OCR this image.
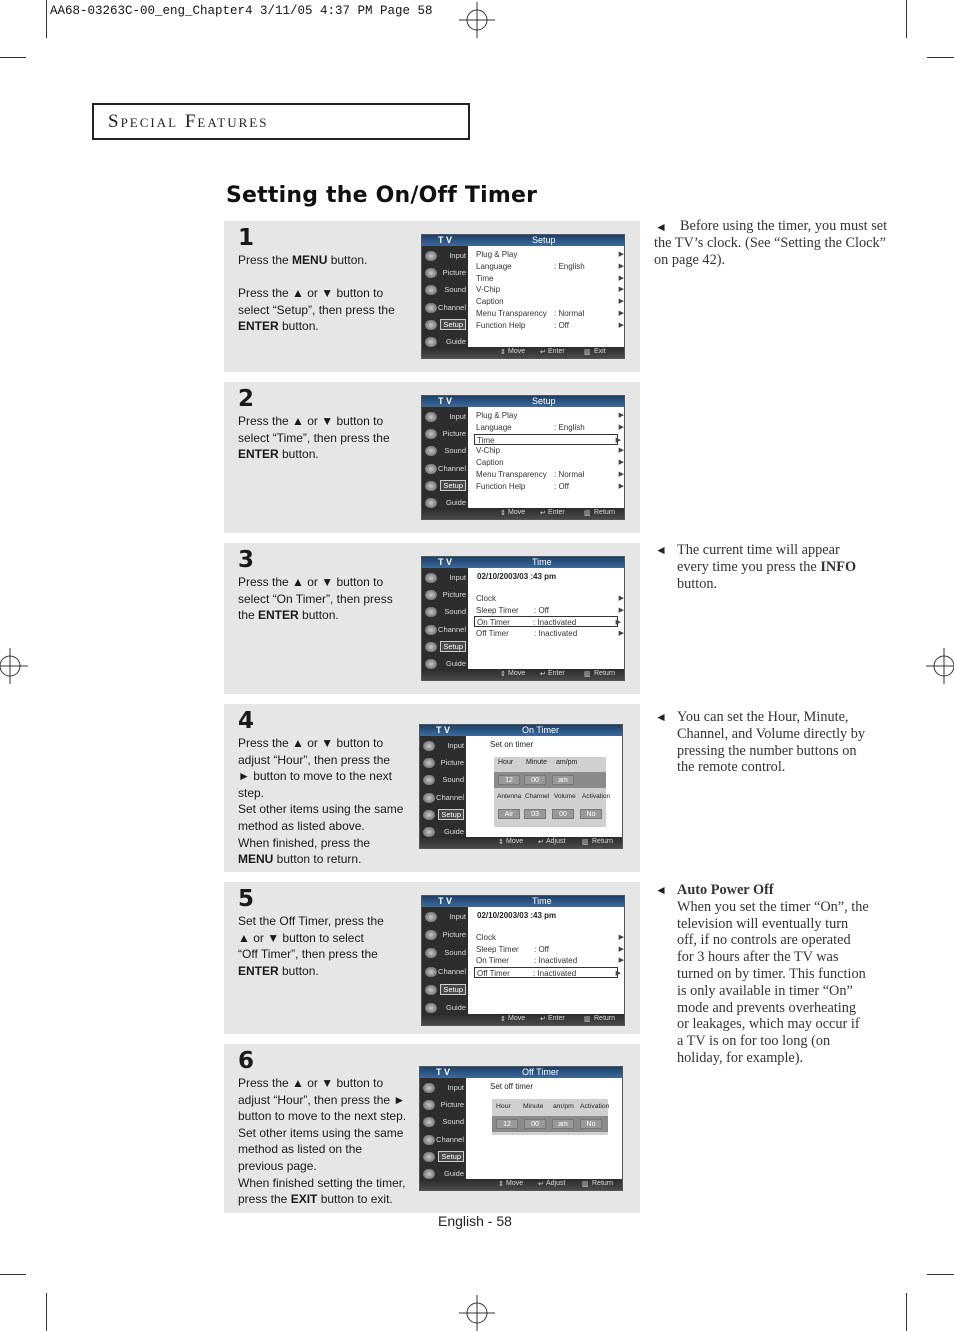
AA68-03263C-00_eng_Chapter4 3/11/05 4:37 PM Page 58
Special Features
Setting the On/Off Timer
1
Press the MENU button.
Press the ▲ or ▼ button to
select “Setup”, then press the
ENTER button.
T V	Setup
Input
Picture
Sound
Channel
Setup
Guide
⇕ Move ↵ Enter	▥ Exit
Plug & Play	▶
Language	: English	▶
Time	▶
V-Chip	▶
Caption	▶
Menu Transparency : Normal	▶
Function Help	: Off	▶
2
Press the ▲ or ▼ button to
select “Time”, then press the
ENTER button.
T V	Setup
Input
Picture
Sound
Channel
Setup
Guide
⇕ Move ↵ Enter	▥ Return
Plug & Play	▶
Language	: English	▶
Time	▶
V-Chip	▶
Caption	▶
Menu Transparency : Normal	▶
Function Help	: Off	▶
3
Press the ▲ or ▼ button to
select “On Timer”, then press
the ENTER button.
T V	Time
Input
Picture
Sound
Channel
Setup
Guide
⇕ Move ↵ Enter	▥ Return
02/10/2003/03 :43 pm
Clock	▶
Sleep Timer : Off	▶
On Timer	: Inactivated	▶
Off Timer	: Inactivated	▶
4
Press the ▲ or ▼ button to
adjust “Hour”, then press the
► button to move to the next
step.
Set other items using the same
method as listed above.
When finished, press the
MENU button to return.
T V	On Timer
Input
Picture
Sound
Channel
Setup
Guide
⇕ Move ↵ Adjust ▥ Return
Set on timer
Hour Minute am/pm
12	00	am
Antenna Channel Volume Activation
Air	03	00	No
5
Set the Off Timer, press the
▲ or ▼ button to select
“Off Timer”, then press the
ENTER button.
T V	Time
Input
Picture
Sound
Channel
Setup
Guide
⇕ Move ↵ Enter	▥ Return
02/10/2003/03 :43 pm
Clock	▶
Sleep Timer : Off	▶
On Timer	: Inactivated	▶
Off Timer	: Inactivated	▶
6
Press the ▲ or ▼ button to
adjust “Hour”, then press the ►
button to move to the next step.
Set other items using the same
method as listed on the
previous page.
When finished setting the timer,
press the EXIT button to exit.
T V	Off Timer
Input
Picture
Sound
Channel
Setup
Guide
⇕ Move ↵ Adjust ▥ Return
Set off timer
Hour Minute am/pm Activation
12	00	am	No
◄ Before using the timer, you must set the TV’s clock. (See “Setting the Clock” on page 42).
◄ The current time will appear every time you press the INFO button.
◄ You can set the Hour, Minute, Channel, and Volume directly by pressing the number buttons on the remote control.
◄ Auto Power Off
When you set the timer “On”, the television will eventually turn off, if no controls are operated for 3 hours after the TV was turned on by timer. This function is only available in timer “On” mode and prevents overheating or leakages, which may occur if a TV is on for too long (on holiday, for example).
English - 58
